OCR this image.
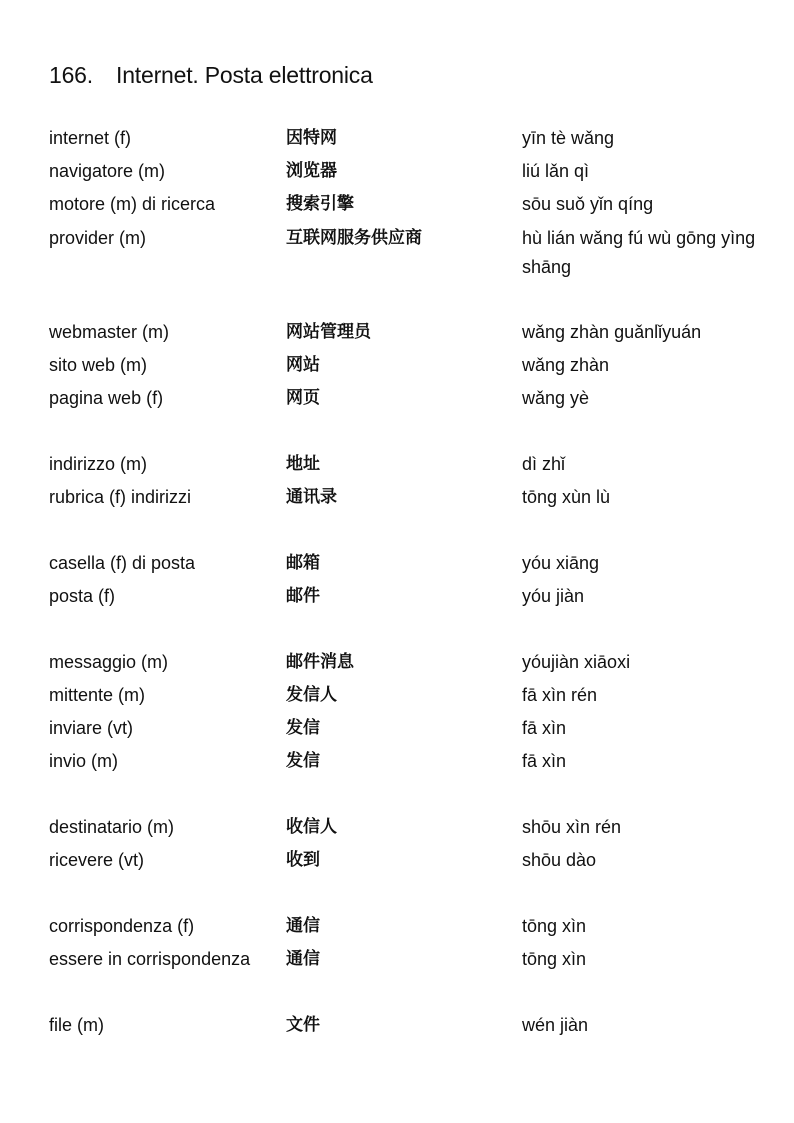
166. Internet. Posta elettronica
internet (f)	因特网	yīn tè wǎng
navigatore (m)	浏览器	liú lǎn qì
motore (m) di ricerca	搜索引擎	sōu suǒ yǐn qíng
provider (m)	互联网服务供应商	hù lián wǎng fú wù gōng yìng shāng
webmaster (m)	网站管理员	wǎng zhàn guǎnlǐyuán
sito web (m)	网站	wǎng zhàn
pagina web (f)	网页	wǎng yè
indirizzo (m)	地址	dì zhǐ
rubrica (f) indirizzi	通讯录	tōng xùn lù
casella (f) di posta	邮箱	yóu xiāng
posta (f)	邮件	yóu jiàn
messaggio (m)	邮件消息	yóujiàn xiāoxi
mittente (m)	发信人	fā xìn rén
inviare (vt)	发信	fā xìn
invio (m)	发信	fā xìn
destinatario (m)	收信人	shōu xìn rén
ricevere (vt)	收到	shōu dào
corrispondenza (f)	通信	tōng xìn
essere in corrispondenza 通信	tōng xìn
file (m)	文件	wén jiàn
